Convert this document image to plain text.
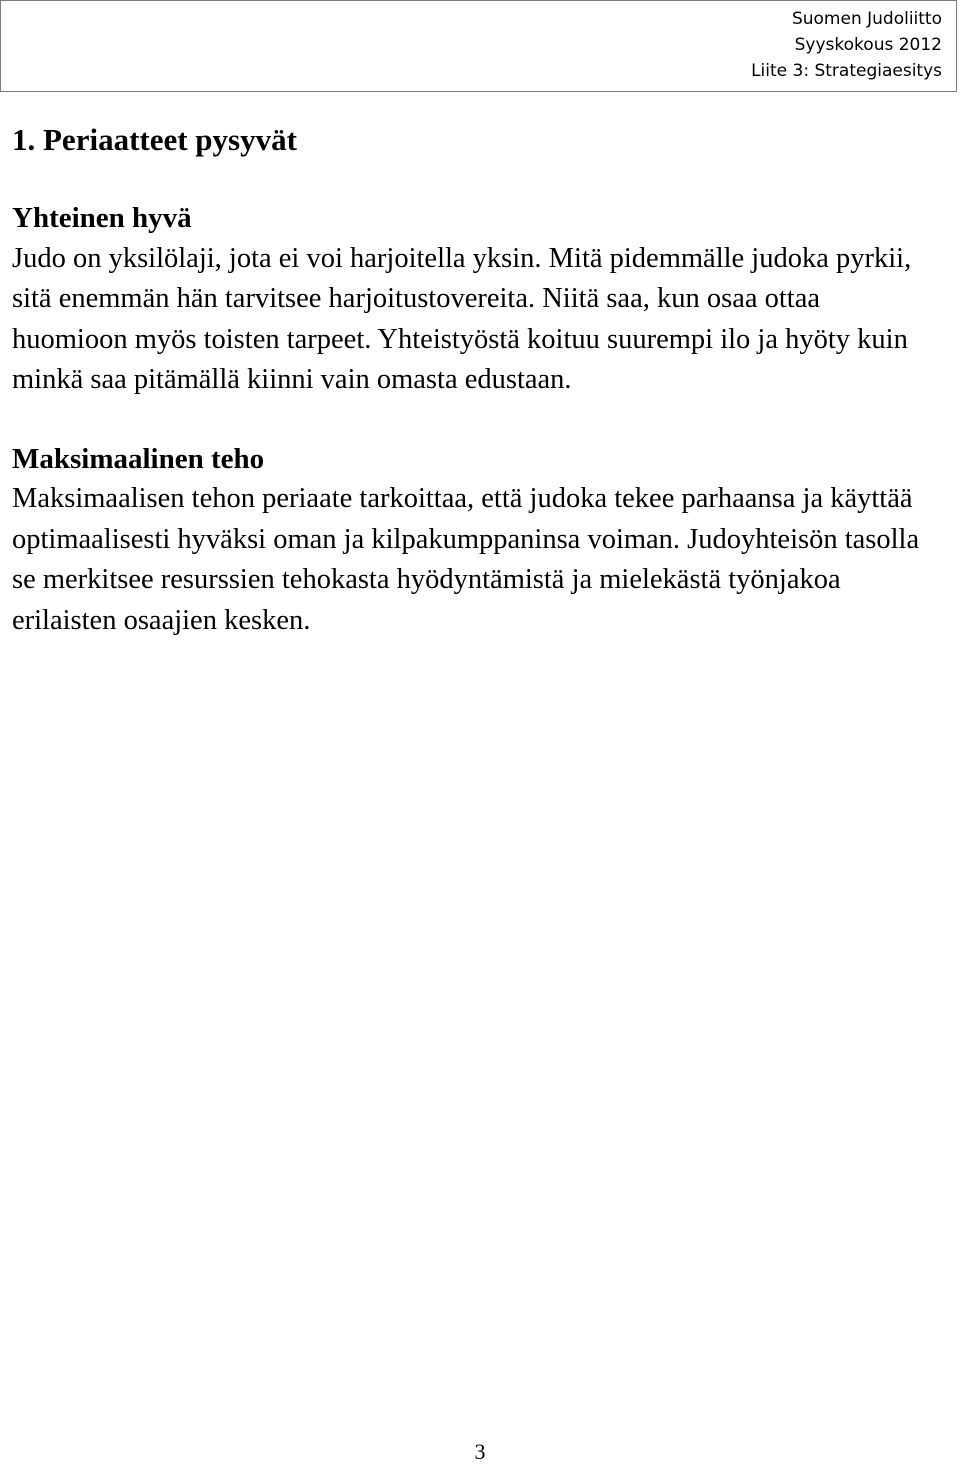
Suomen Judoliitto
Syyskokous 2012
Liite 3: Strategiaesitys
1. Periaatteet pysyvät
Yhteinen hyvä

Judo on yksilölaji, jota ei voi harjoitella yksin. Mitä pidemmälle judoka pyrkii, sitä enemmän hän tarvitsee harjoitustovereita. Niitä saa, kun osaa ottaa huomioon myös toisten tarpeet. Yhteistyöstä koituu suurempi ilo ja hyöty kuin minkä saa pitämällä kiinni vain omasta edustaan.

Maksimaalinen teho

Maksimaalisen tehon periaate tarkoittaa, että judoka tekee parhaansa ja käyttää optimaalisesti hyväksi oman ja kilpakumppaninsa voiman. Judoyhteisön tasolla se merkitsee resurssien tehokasta hyödyntämistä ja mielekästä työnjakoa erilaisten osaajien kesken.

3
